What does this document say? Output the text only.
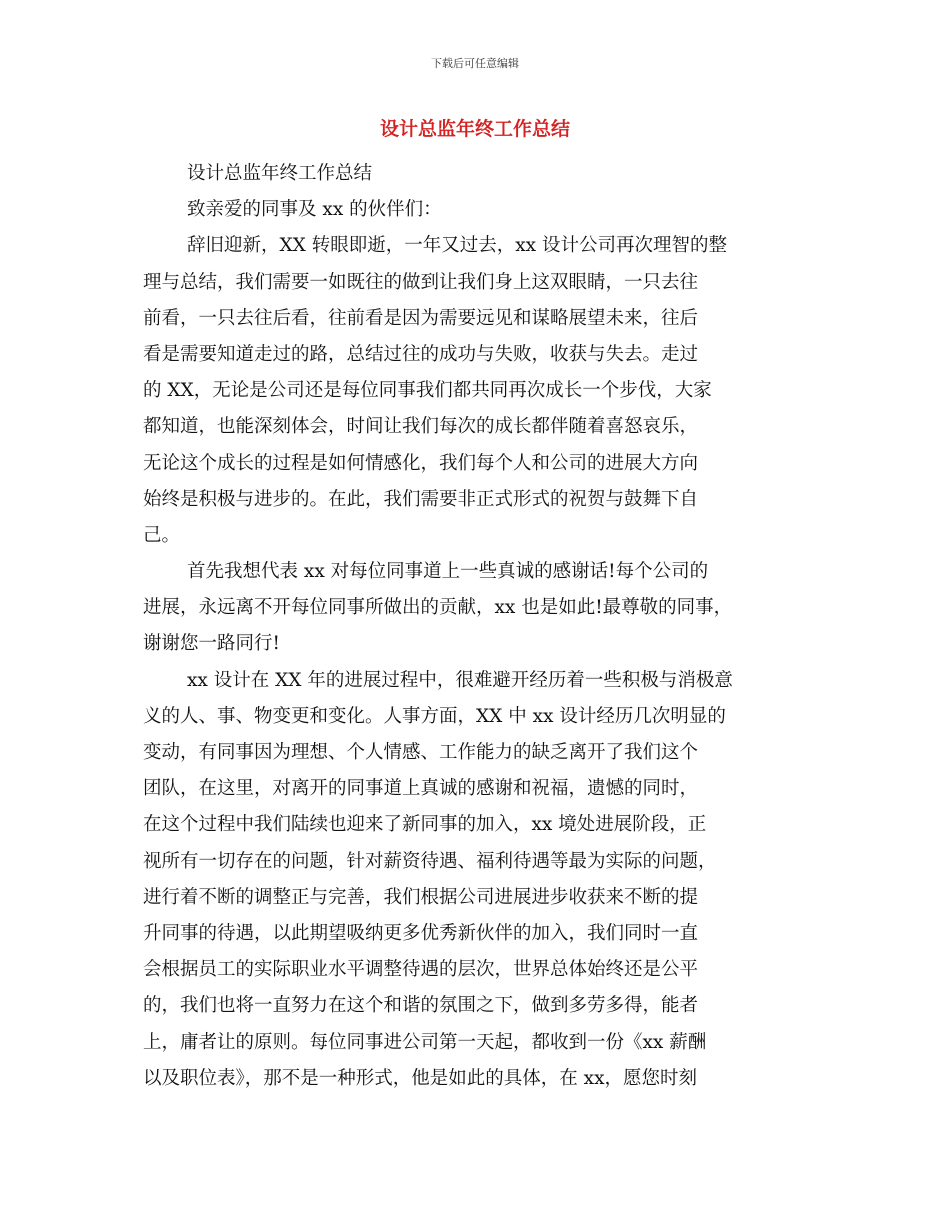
下载后可任意编辑
设计总监年终工作总结
设计总监年终工作总结
致亲爱的同事及 xx 的伙伴们：
辞旧迎新，XX 转眼即逝，一年又过去，xx 设计公司再次理智的整
理与总结，我们需要一如既往的做到让我们身上这双眼睛，一只去往
前看，一只去往后看，往前看是因为需要远见和谋略展望未来，往后
看是需要知道走过的路，总结过往的成功与失败，收获与失去。走过
的 XX，无论是公司还是每位同事我们都共同再次成长一个步伐，大家
都知道，也能深刻体会，时间让我们每次的成长都伴随着喜怒哀乐，
无论这个成长的过程是如何情感化，我们每个人和公司的进展大方向
始终是积极与进步的。在此，我们需要非正式形式的祝贺与鼓舞下自
己。
首先我想代表 xx 对每位同事道上一些真诚的感谢话!每个公司的
进展，永远离不开每位同事所做出的贡献，xx 也是如此!最尊敬的同事，
谢谢您一路同行!
xx 设计在 XX 年的进展过程中，很难避开经历着一些积极与消极意
义的人、事、物变更和变化。人事方面，XX 中 xx 设计经历几次明显的
变动，有同事因为理想、个人情感、工作能力的缺乏离开了我们这个
团队，在这里，对离开的同事道上真诚的感谢和祝福，遗憾的同时，
在这个过程中我们陆续也迎来了新同事的加入，xx 境处进展阶段，正
视所有一切存在的问题，针对薪资待遇、福利待遇等最为实际的问题，
进行着不断的调整正与完善，我们根据公司进展进步收获来不断的提
升同事的待遇，以此期望吸纳更多优秀新伙伴的加入，我们同时一直
会根据员工的实际职业水平调整待遇的层次，世界总体始终还是公平
的，我们也将一直努力在这个和谐的氛围之下，做到多劳多得，能者
上，庸者让的原则。每位同事进公司第一天起，都收到一份《xx 薪酬
以及职位表》，那不是一种形式，他是如此的具体，在 xx，愿您时刻
